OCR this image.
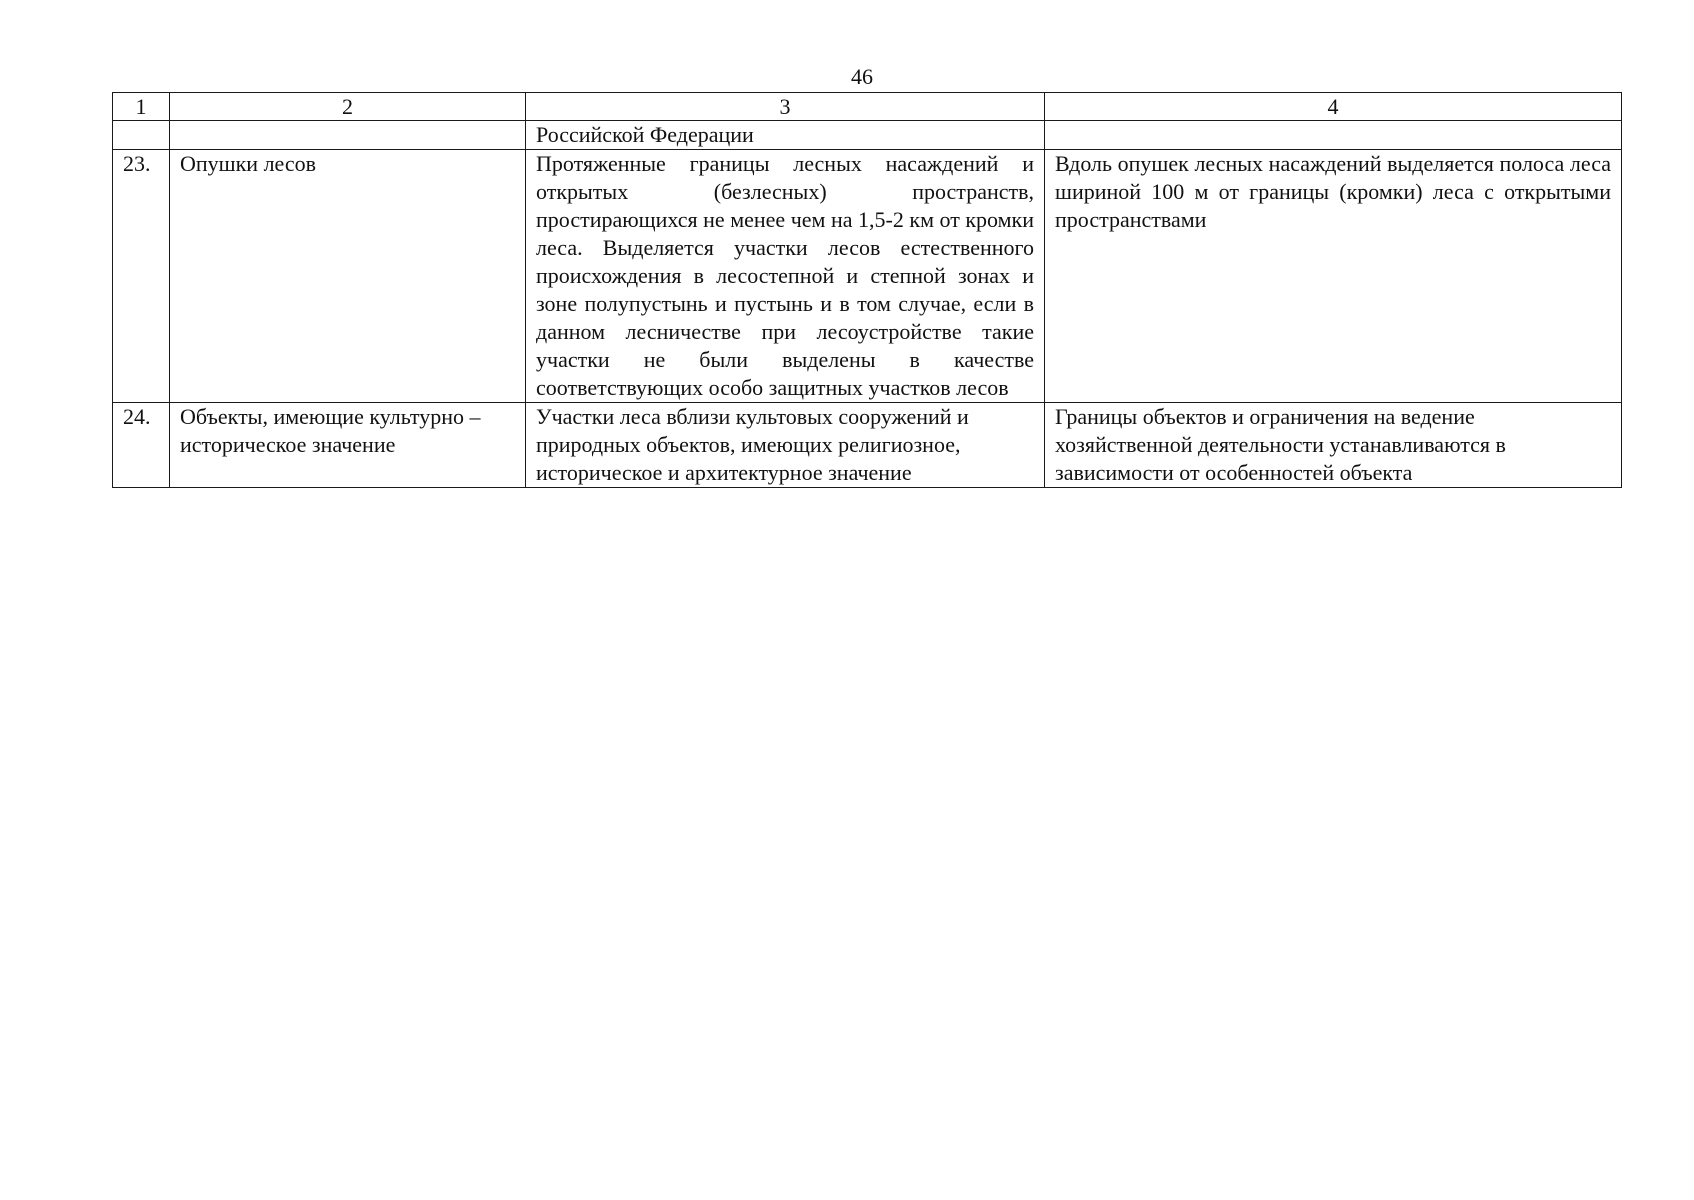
46
1	2	3	4
		Российской Федерации	
23.	Опушки лесов	Протяженные границы лесных насаждений и открытых (безлесных) пространств, простирающихся не менее чем на 1,5-2 км от кромки леса. Выделяется участки лесов естественного происхождения в лесостепной и степной зонах и зоне полупустынь и пустынь и в том случае, если в данном лесничестве при лесоустройстве такие участки не были выделены в качестве соответствующих особо защитных участков лесов	Вдоль опушек лесных насаждений выделяется полоса леса шириной 100 м от границы (кромки) леса с открытыми пространствами
24.	Объекты, имеющие культурно – историческое значение	Участки леса вблизи культовых сооружений и природных объектов, имеющих религиозное, историческое и архитектурное значение	Границы объектов и ограничения на ведение хозяйственной деятельности устанавливаются в зависимости от особенностей объекта
